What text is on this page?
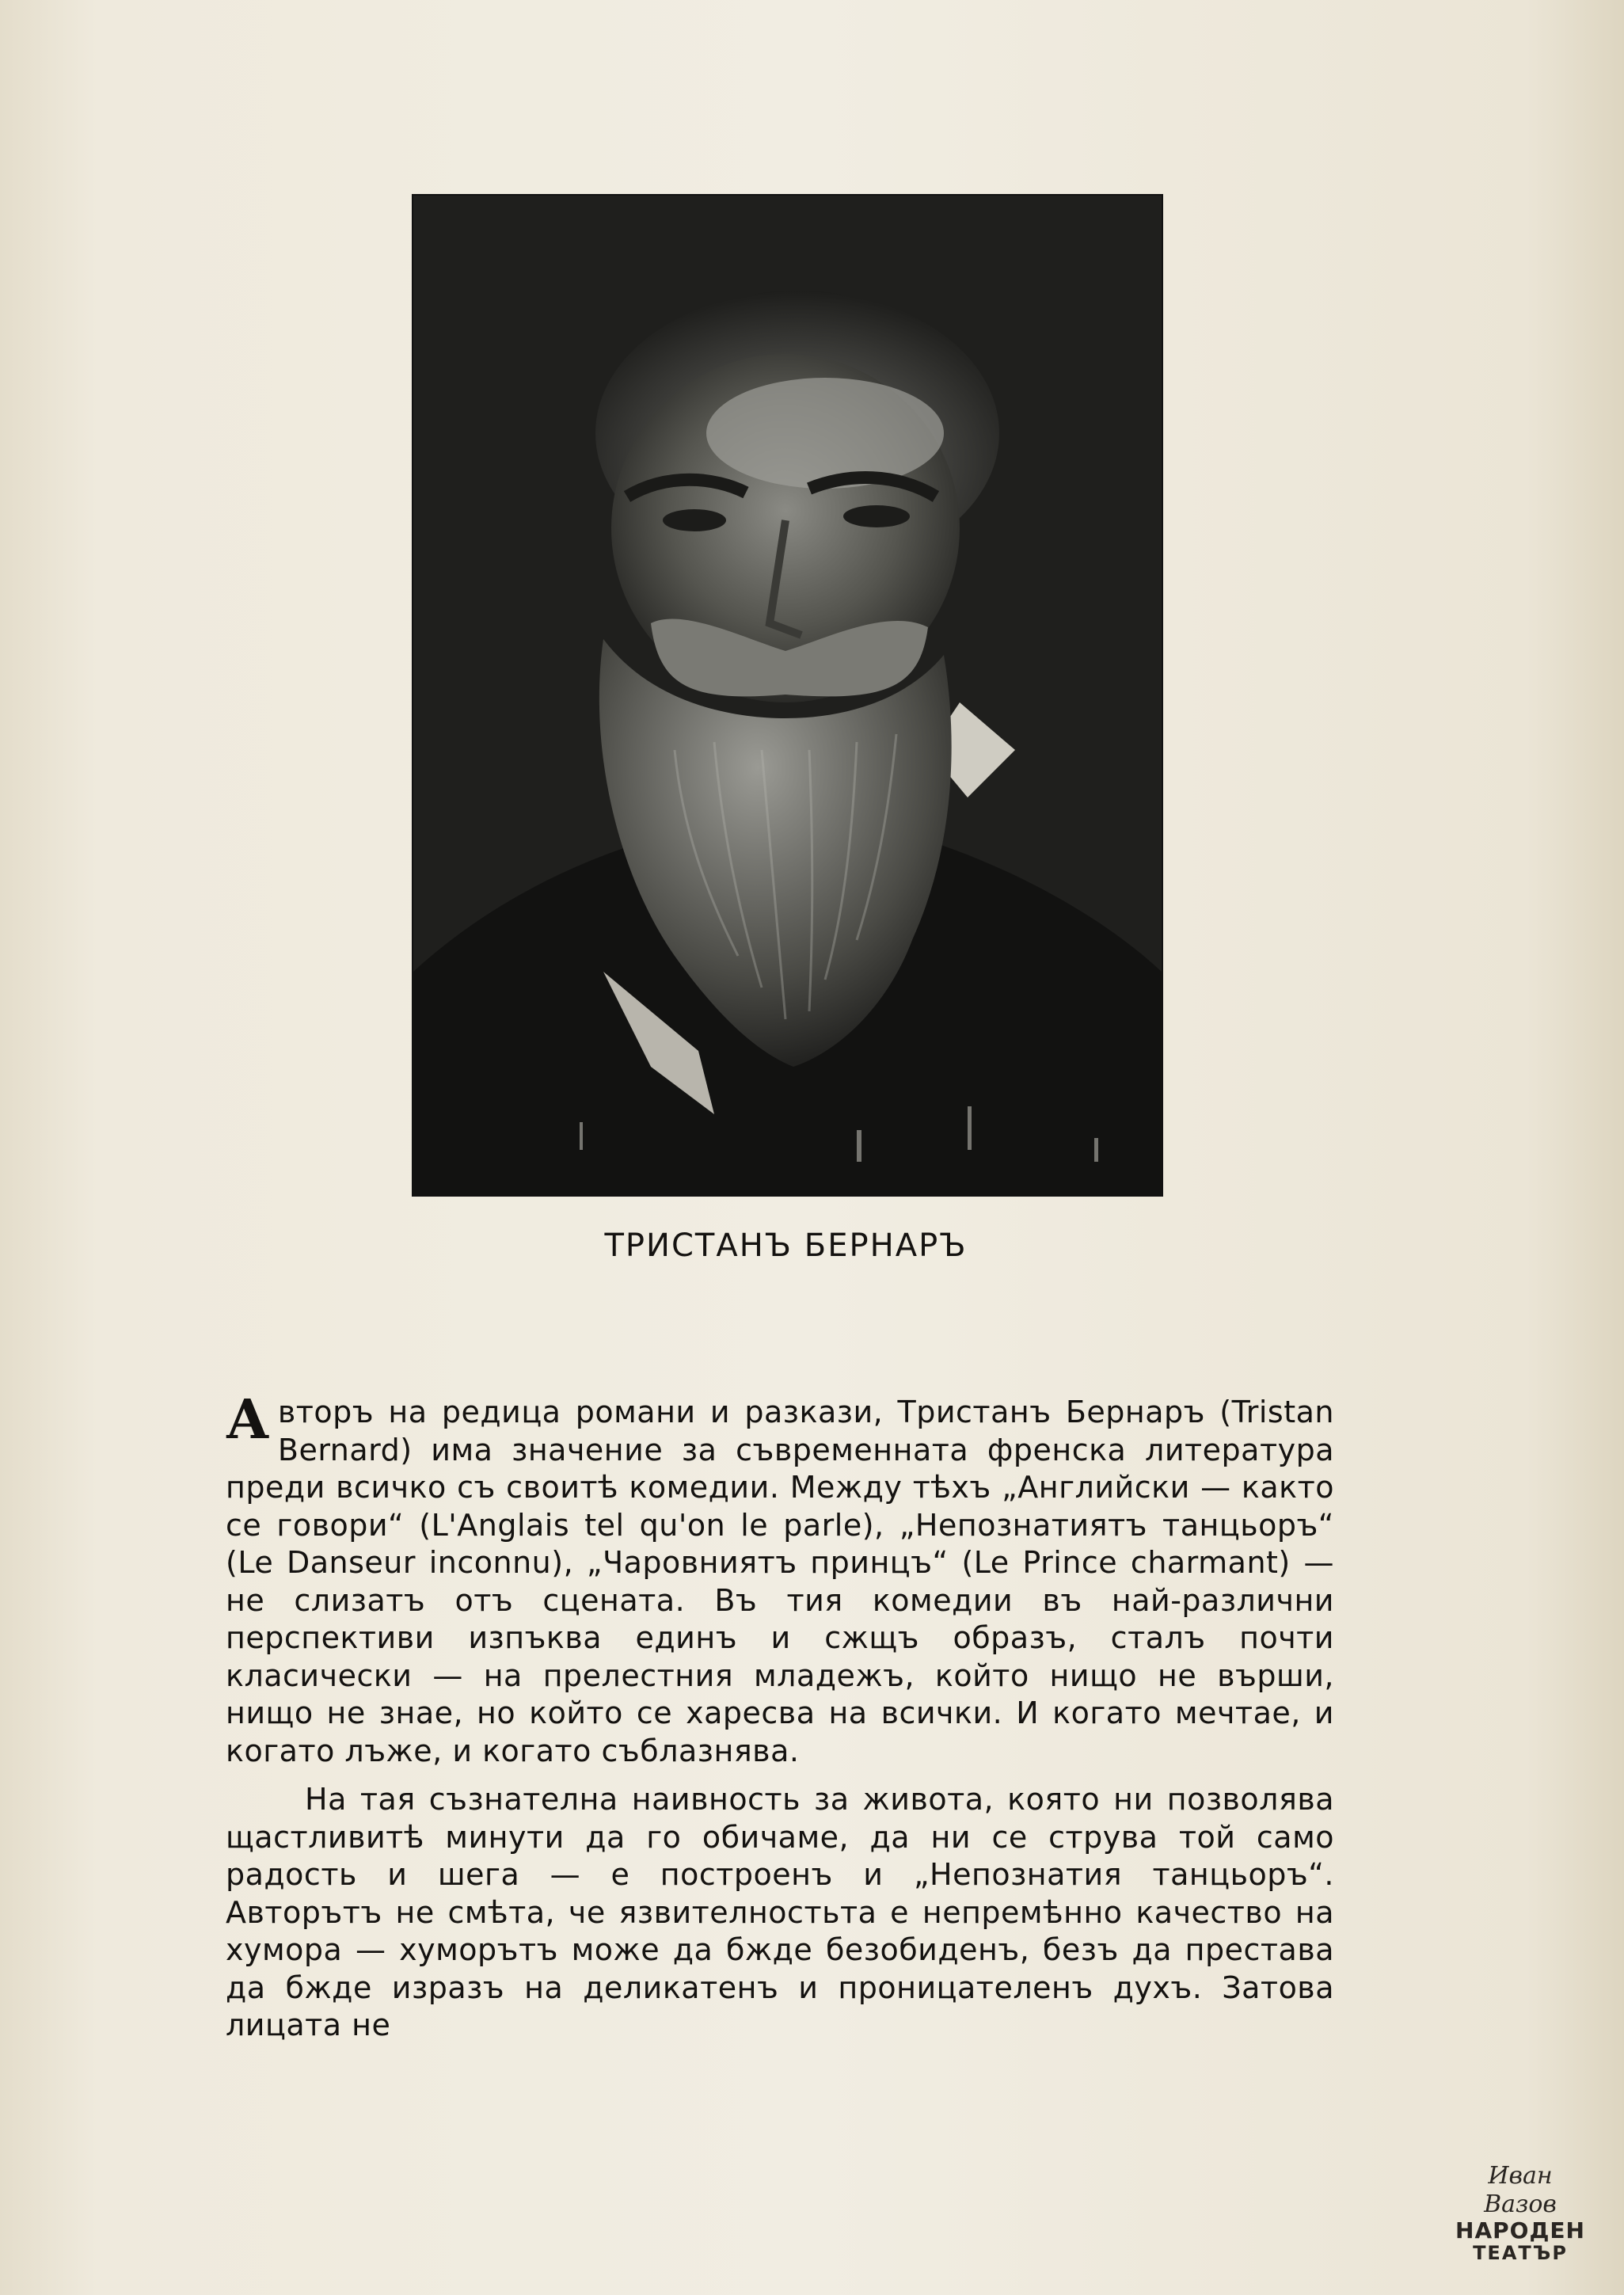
ТРИСТАНЪ БЕРНАРЪ

Авторъ на редица романи и разкази, Тристанъ Бернаръ (Tristan Bernard) има значение за съвременната френска литература преди всичко съ своитѣ комедии. Между тѣхъ „Английски — както се говори“ (L'Anglais tel qu'on le parle), „Непознатиятъ танцьоръ“ (Le Danseur inconnu), „Чаровниятъ принцъ“ (Le Prince charmant) — не слизатъ отъ сцената. Въ тия комедии въ най-различни перспективи изпъква единъ и сжщъ образъ, сталъ почти класически — на прелестния младежъ, който нищо не върши, нищо не знае, но който се харесва на всички. И когато мечтае, и когато лъже, и когато съблазнява.

На тая съзнателна наивность за живота, която ни позволява щастливитѣ минути да го обичаме, да ни се струва той само радость и шега — е построенъ и „Непознатия танцьоръ“. Авторътъ не смѣта, че язвителностьта е непремѣнно качество на хумора — хуморътъ може да бжде безобиденъ, безъ да престава да бжде изразъ на деликатенъ и проницателенъ духъ. Затова лицата не

Иван Вазов
НАРОДЕН
ТЕАТЪР
